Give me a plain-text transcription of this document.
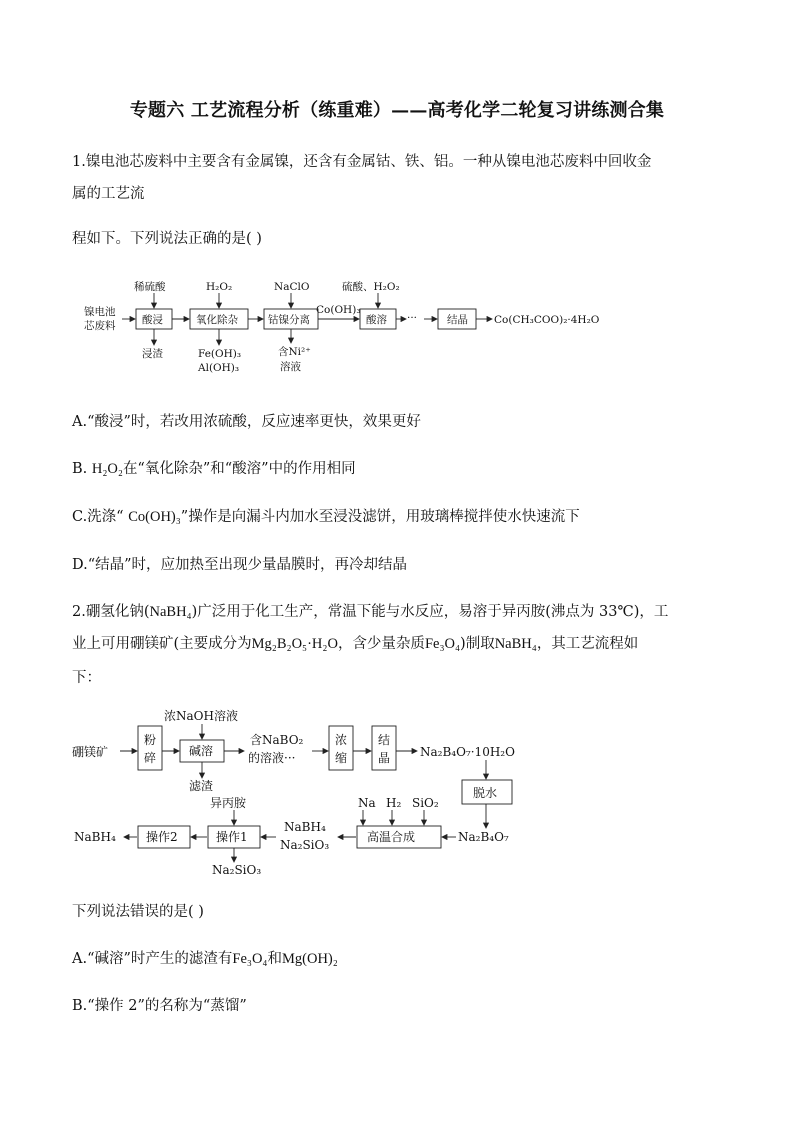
专题六 工艺流程分析（练重难）——高考化学二轮复习讲练测合集
1.镍电池芯废料中主要含有金属镍，还含有金属钴、铁、铝。一种从镍电池芯废料中回收金
属的工艺流
程如下。下列说法正确的是( )
镍电池
芯废料
稀硫酸
酸浸
浸渣
H₂O₂
氧化除杂
Fe(OH)₃
Al(OH)₃
NaClO
钴镍分离
含Ni²⁺
溶液
Co(OH)₃
硫酸、H₂O₂
酸溶 ···	结晶 Co(CH₃COO)₂·4H₂O
A.“酸浸”时，若改用浓硫酸，反应速率更快，效果更好
B. H₂O₂在“氧化除杂”和“酸溶”中的作用相同
C.洗涤“ Co(OH)₃”操作是向漏斗内加水至浸没滤饼，用玻璃棒搅拌使水快速流下
D.“结晶”时，应加热至出现少量晶膜时，再冷却结晶
2.硼氢化钠(NaBH₄)广泛用于化工生产，常温下能与水反应，易溶于异丙胺(沸点为 33℃)，工
业上可用硼镁矿(主要成分为Mg₂B₂O₅·H₂O，含少量杂质Fe₃O₄)制取NaBH₄，其工艺流程如
下：
硼镁矿
粉
碎
浓NaOH溶液
碱溶
滤渣
含NaBO₂
的溶液···
浓
缩
结
晶 Na₂B₄O₇·10H₂O
脱水
Na₂B₄O₇
Na H₂ SiO₂
高温合成
NaBH₄
Na₂SiO₃
异丙胺
操作1
Na₂SiO₃
操作2
NaBH₄
下列说法错误的是( )
A.“碱溶”时产生的滤渣有Fe₃O₄和Mg(OH)₂
B.“操作 2”的名称为“蒸馏”
